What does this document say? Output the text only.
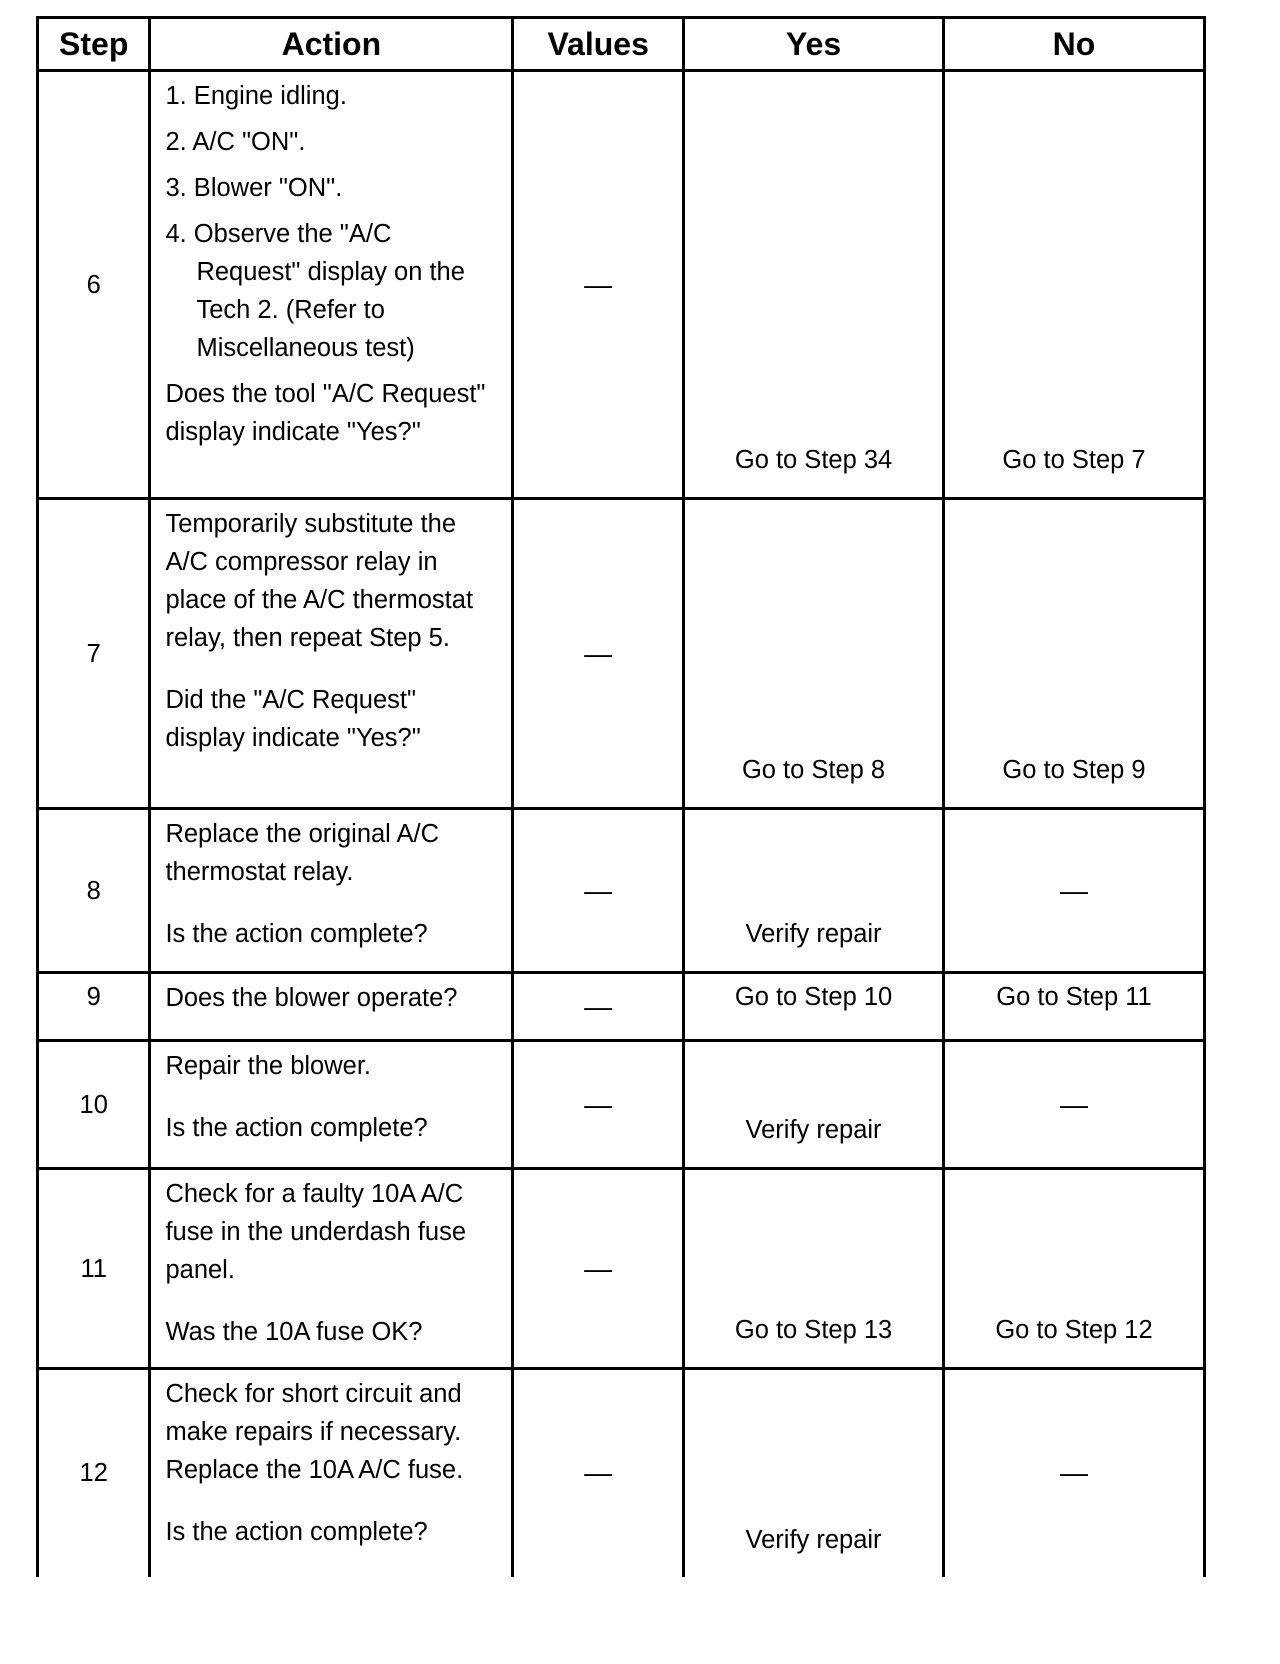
Step	Action	Values	Yes	No
6	1. Engine idling.
2. A/C "ON".
3. Blower "ON".
4. Observe the "A/C Request" display on the Tech 2. (Refer to Miscellaneous test)
Does the tool "A/C Request" display indicate "Yes?"	—	Go to Step 34	Go to Step 7
7	Temporarily substitute the A/C compressor relay in place of the A/C thermostat relay, then repeat Step 5.
Did the "A/C Request" display indicate "Yes?"	—	Go to Step 8	Go to Step 9
8	Replace the original A/C thermostat relay.
Is the action complete?	—	Verify repair	—
9	Does the blower operate?	—	Go to Step 10	Go to Step 11
10	Repair the blower.
Is the action complete?	—	Verify repair	—
11	Check for a faulty 10A A/C fuse in the underdash fuse panel.
Was the 10A fuse OK?	—	Go to Step 13	Go to Step 12
12	Check for short circuit and make repairs if necessary. Replace the 10A A/C fuse.
Is the action complete?	—	Verify repair	—
